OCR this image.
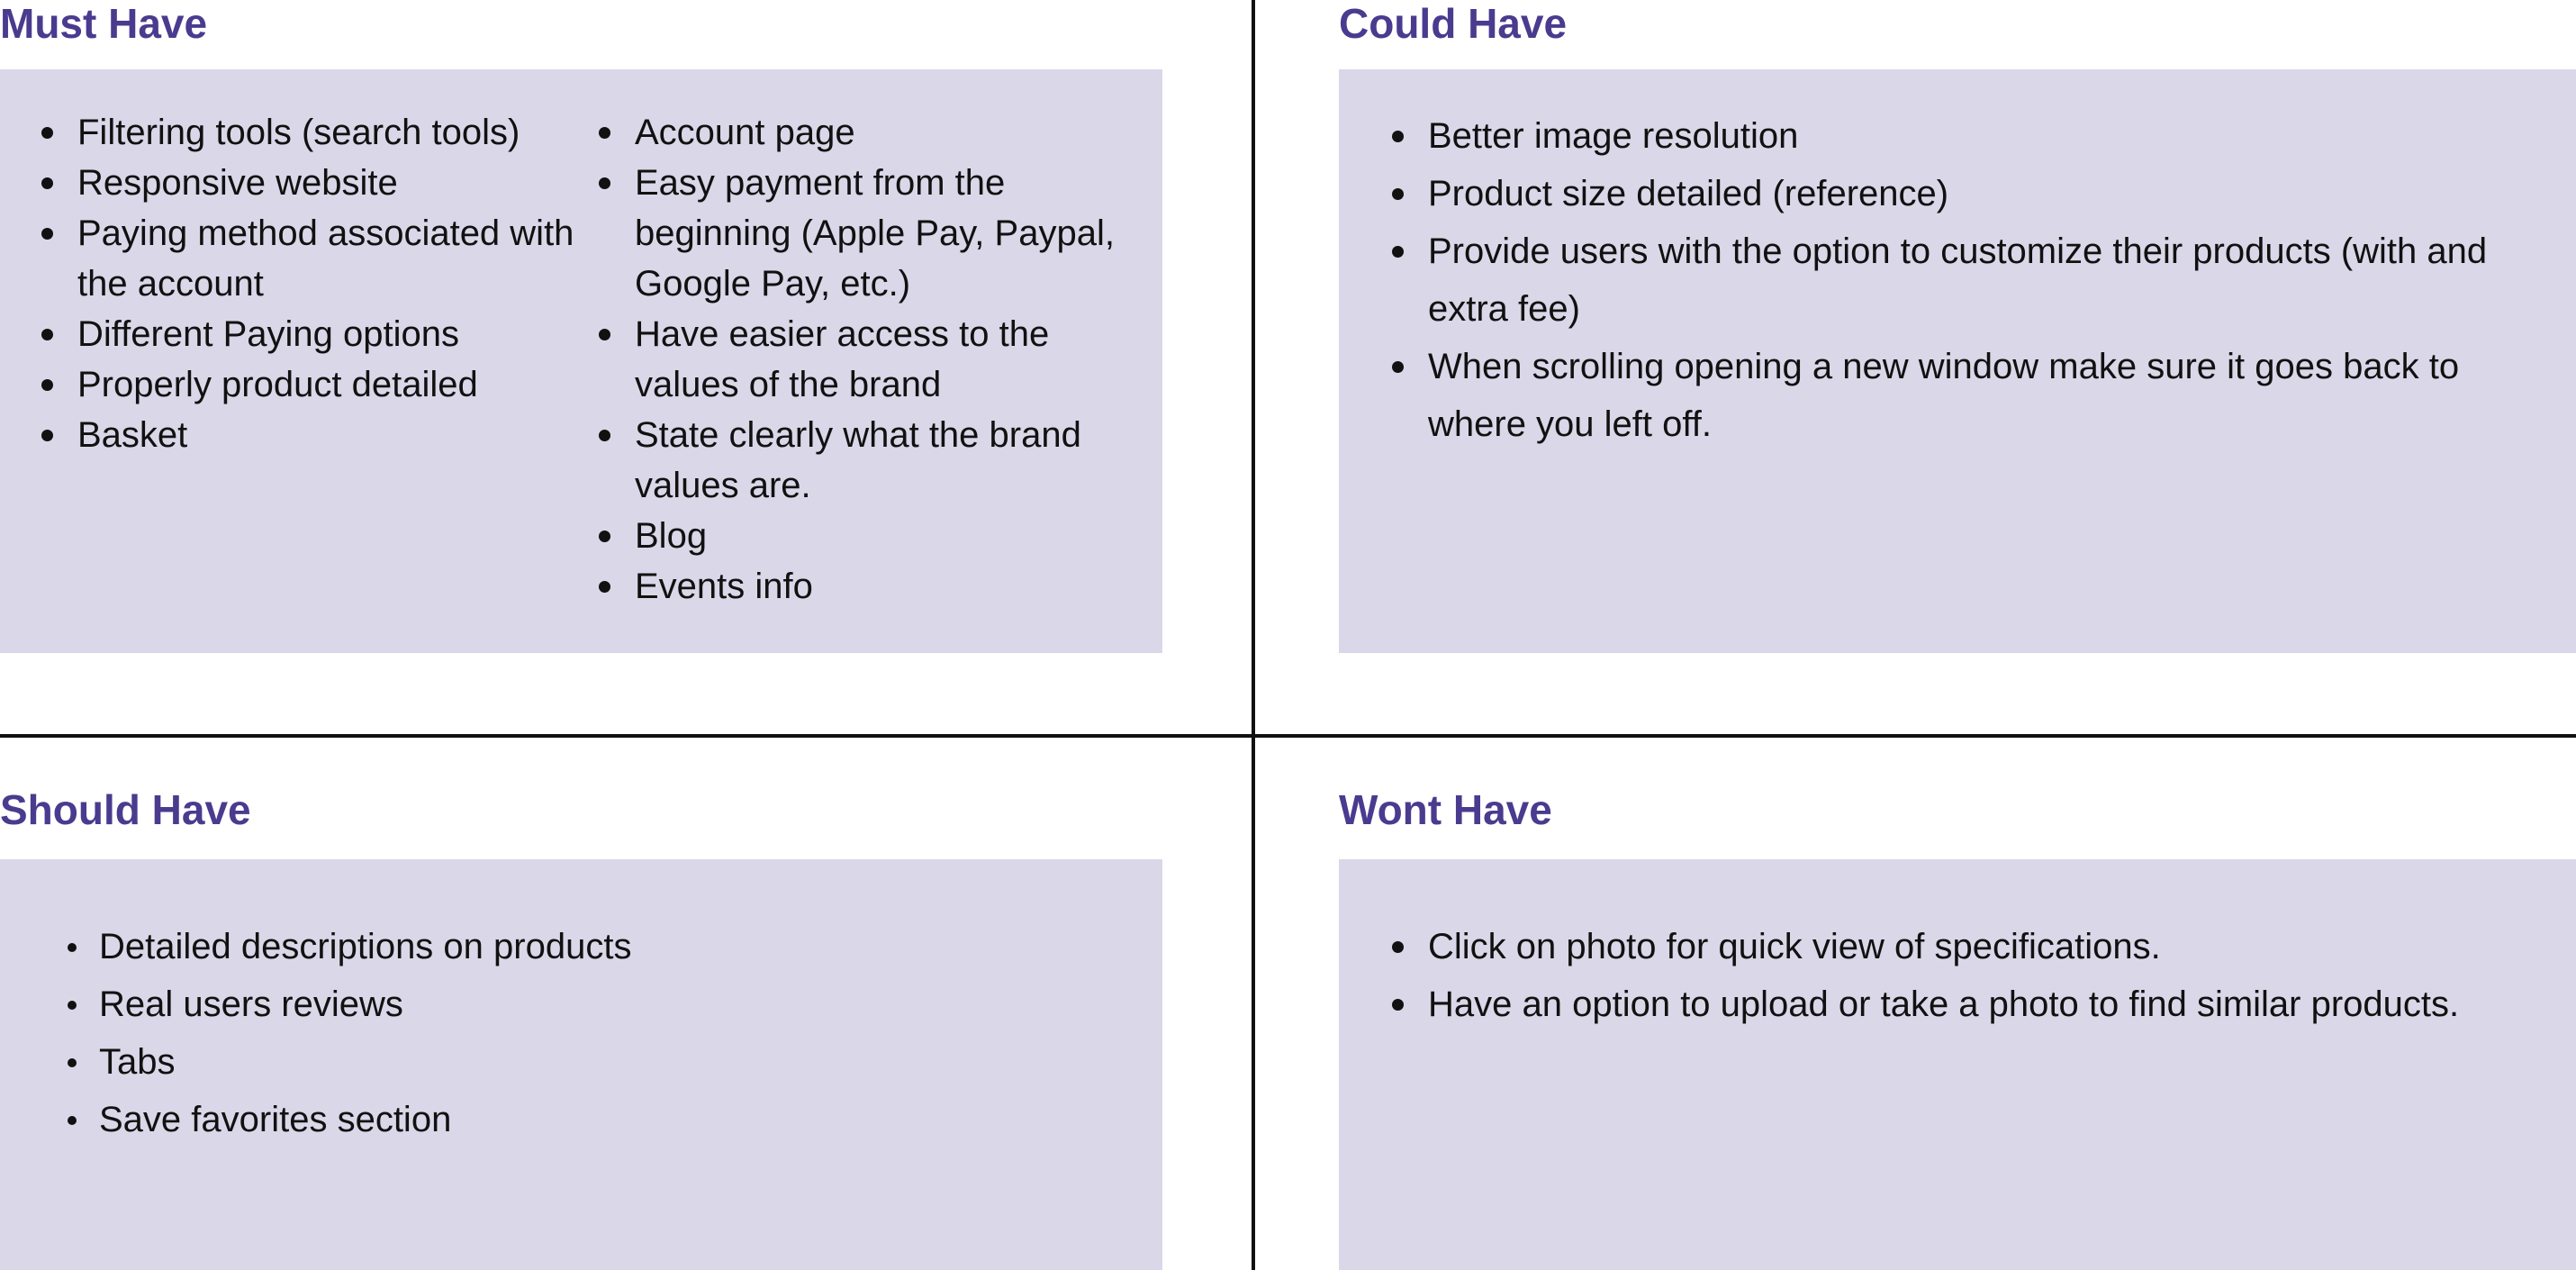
Must Have
Filtering tools (search tools)
Responsive website
Paying method associated with the account
Different Paying options
Properly product detailed
Basket
Account page
Easy payment from the beginning (Apple Pay, Paypal, Google Pay, etc.)
Have easier access to the values of the brand
State clearly what the brand values are.
Blog
Events info
Could Have
Better image resolution
Product size detailed (reference)
Provide users with the option to customize their products (with and extra fee)
When scrolling opening a new window make sure it goes back to where you left off.
Should Have
Detailed descriptions on products
Real users reviews
Tabs
Save favorites section
Wont Have
Click on photo for quick view of specifications.
Have an option to upload or take a photo to find similar products.
